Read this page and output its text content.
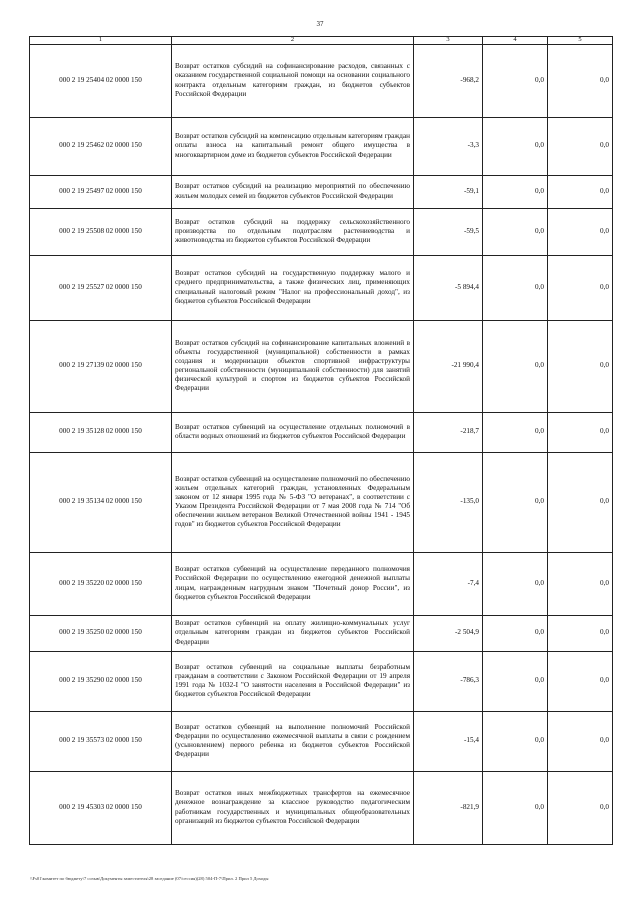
37
1	2	3	4	5
000 2 19 25404 02 0000 150	Возврат остатков субсидий на софинансирование расходов, связанных с оказанием государственной социальной помощи на основании социального контракта отдельным категориям граждан, из бюджетов субъектов Российской Федерации	-968,2	0,0	0,0
000 2 19 25462 02 0000 150	Возврат остатков субсидий на компенсацию отдельным категориям граждан оплаты взноса на капитальный ремонт общего имущества в многоквартирном доме из бюджетов субъектов Российской Федерации	-3,3	0,0	0,0
000 2 19 25497 02 0000 150	Возврат остатков субсидий на реализацию мероприятий по обеспечению жильем молодых семей из бюджетов субъектов Российской Федерации	-59,1	0,0	0,0
000 2 19 25508 02 0000 150	Возврат остатков субсидий на поддержку сельскохозяйственного производства по отдельным подотраслям растениеводства и животноводства из бюджетов субъектов Российской Федерации	-59,5	0,0	0,0
000 2 19 25527 02 0000 150	Возврат остатков субсидий на государственную поддержку малого и среднего предпринимательства, а также физических лиц, применяющих специальный налоговый режим "Налог на профессиональный доход", из бюджетов субъектов Российской Федерации	-5 894,4	0,0	0,0
000 2 19 27139 02 0000 150	Возврат остатков субсидий на софинансирование капитальных вложений в объекты государственной (муниципальной) собственности в рамках создания и модернизации объектов спортивной инфраструктуры региональной собственности (муниципальной собственности) для занятий физической культурой и спортом из бюджетов субъектов Российской Федерации	-21 990,4	0,0	0,0
000 2 19 35128 02 0000 150	Возврат остатков субвенций на осуществление отдельных полномочий в области водных отношений из бюджетов субъектов Российской Федерации	-218,7	0,0	0,0
000 2 19 35134 02 0000 150	Возврат остатков субвенций на осуществление полномочий по обеспечению жильем отдельных категорий граждан, установленных Федеральным законом от 12 января 1995 года № 5-ФЗ "О ветеранах", в соответствии с Указом Президента Российской Федерации от 7 мая 2008 года № 714 "Об обеспечении жильем ветеранов Великой Отечественной войны 1941 - 1945 годов" из бюджетов субъектов Российской Федерации	-135,0	0,0	0,0
000 2 19 35220 02 0000 150	Возврат остатков субвенций на осуществление переданного полномочия Российской Федерации по осуществлению ежегодной денежной выплаты лицам, награжденным нагрудным знаком "Почетный донор России", из бюджетов субъектов Российской Федерации	-7,4	0,0	0,0
000 2 19 35250 02 0000 150	Возврат остатков субвенций на оплату жилищно-коммунальных услуг отдельным категориям граждан из бюджетов субъектов Российской Федерации	-2 504,9	0,0	0,0
000 2 19 35290 02 0000 150	Возврат остатков субвенций на социальные выплаты безработным гражданам в соответствии с Законом Российской Федерации от 19 апреля 1991 года № 1032-I "О занятости населения в Российской Федерации" из бюджетов субъектов Российской Федерации	-786,3	0,0	0,0
000 2 19 35573 02 0000 150	Возврат остатков субвенций на выполнение полномочий Российской Федерации по осуществлению ежемесячной выплаты в связи с рождением (усыновлением) первого ребенка из бюджетов субъектов Российской Федерации	-15,4	0,0	0,0
000 2 19 45303 02 0000 150	Возврат остатков иных межбюджетных трансфертов на ежемесячное денежное вознаграждение за классное руководство педагогическим работникам государственных и муниципальных общеобразовательных организаций из бюджетов субъектов Российской Федерации	-821,9	0,0	0,0
\\Fs01\комитет по бюджету\7 созыв\Документы заместителя\28 заседание (07/сессия)(28) 504-П-7\Прил. 2 Прил 5 Доходы
